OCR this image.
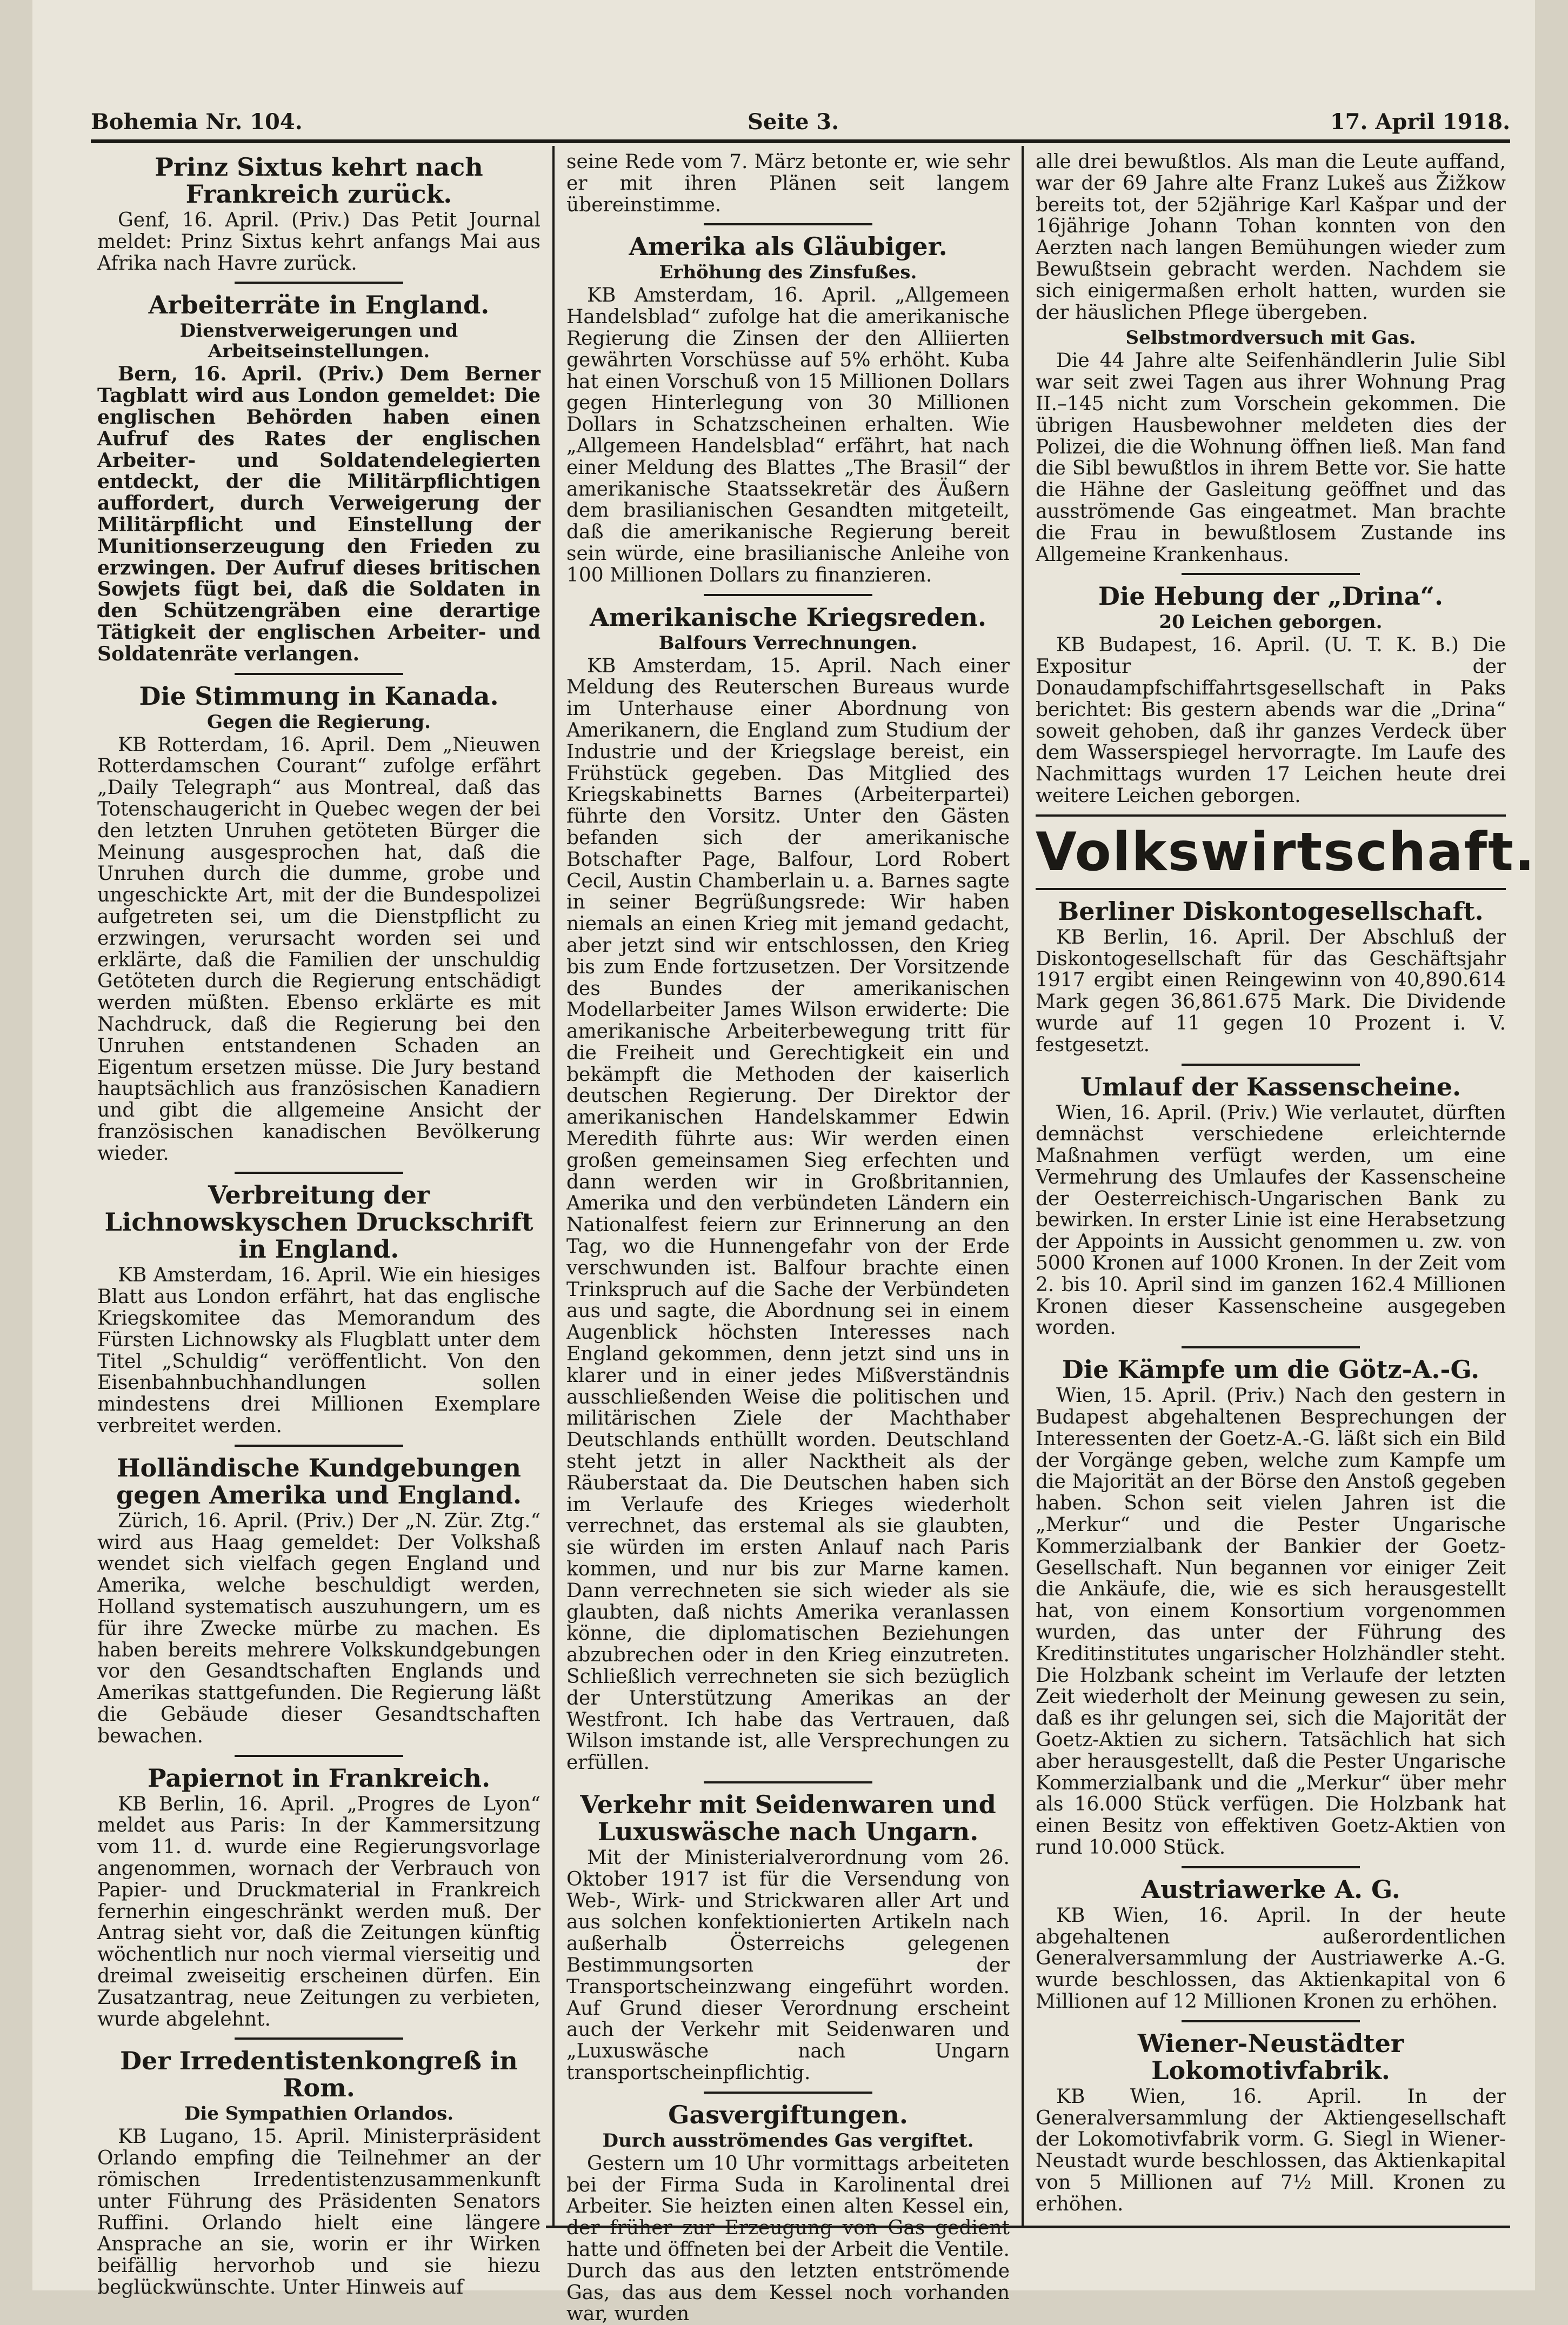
Bohemia Nr. 104.	Seite 3.	17. April 1918.
Prinz Sixtus kehrt nach Frankreich zurück.

Genf, 16. April. (Priv.) Das Petit Journal meldet: Prinz Sixtus kehrt anfangs Mai aus Afrika nach Havre zurück.

Arbeiterräte in England.
Dienstverweigerungen und Arbeitseinstellungen.

Bern, 16. April. (Priv.) Dem Berner Tagblatt wird aus London gemeldet: Die englischen Behörden haben einen Aufruf des Rates der englischen Arbeiter- und Soldatendelegierten entdeckt, der die Militärpflichtigen auffordert, durch Verweigerung der Militärpflicht und Einstellung der Munitionserzeugung den Frieden zu erzwingen. Der Aufruf dieses britischen Sowjets fügt bei, daß die Soldaten in den Schützengräben eine derartige Tätigkeit der englischen Arbeiter- und Soldatenräte verlangen.

Die Stimmung in Kanada.
Gegen die Regierung.

KB Rotterdam, 16. April. Dem „Nieuwen Rotterdamschen Courant“ zufolge erfährt „Daily Telegraph“ aus Montreal, daß das Totenschaugericht in Quebec wegen der bei den letzten Unruhen getöteten Bürger die Meinung ausgesprochen hat, daß die Unruhen durch die dumme, grobe und ungeschickte Art, mit der die Bundespolizei aufgetreten sei, um die Dienstpflicht zu erzwingen, verursacht worden sei und erklärte, daß die Familien der unschuldig Getöteten durch die Regierung entschädigt werden müßten. Ebenso erklärte es mit Nachdruck, daß die Regierung bei den Unruhen entstandenen Schaden an Eigentum ersetzen müsse. Die Jury bestand hauptsächlich aus französischen Kanadiern und gibt die allgemeine Ansicht der französischen kanadischen Bevölkerung wieder.

Verbreitung der Lichnowskyschen Druckschrift in England.

KB Amsterdam, 16. April. Wie ein hiesiges Blatt aus London erfährt, hat das englische Kriegskomitee das Memorandum des Fürsten Lichnowsky als Flugblatt unter dem Titel „Schuldig“ veröffentlicht. Von den Eisenbahnbuchhandlungen sollen mindestens drei Millionen Exemplare verbreitet werden.

Holländische Kundgebungen gegen Amerika und England.

Zürich, 16. April. (Priv.) Der „N. Zür. Ztg.“ wird aus Haag gemeldet: Der Volkshaß wendet sich vielfach gegen England und Amerika, welche beschuldigt werden, Holland systematisch auszuhungern, um es für ihre Zwecke mürbe zu machen. Es haben bereits mehrere Volkskundgebungen vor den Gesandtschaften Englands und Amerikas stattgefunden. Die Regierung läßt die Gebäude dieser Gesandtschaften bewachen.

Papiernot in Frankreich.

KB Berlin, 16. April. „Progres de Lyon“ meldet aus Paris: In der Kammersitzung vom 11. d. wurde eine Regierungsvorlage angenommen, wornach der Verbrauch von Papier- und Druckmaterial in Frankreich fernerhin eingeschränkt werden muß. Der Antrag sieht vor, daß die Zeitungen künftig wöchentlich nur noch viermal vierseitig und dreimal zweiseitig erscheinen dürfen. Ein Zusatzantrag, neue Zeitungen zu verbieten, wurde abgelehnt.

Der Irredentistenkongreß in Rom.
Die Sympathien Orlandos.

KB Lugano, 15. April. Ministerpräsident Orlando empfing die Teilnehmer an der römischen Irredentistenzusammenkunft unter Führung des Präsidenten Senators Ruffini. Orlando hielt eine längere Ansprache an sie, worin er ihr Wirken beifällig hervorhob und sie hiezu beglückwünschte. Unter Hinweis auf

seine Rede vom 7. März betonte er, wie sehr er mit ihren Plänen seit langem übereinstimme.

Amerika als Gläubiger.
Erhöhung des Zinsfußes.

KB Amsterdam, 16. April. „Allgemeen Handelsblad“ zufolge hat die amerikanische Regierung die Zinsen der den Alliierten gewährten Vorschüsse auf 5% erhöht. Kuba hat einen Vorschuß von 15 Millionen Dollars gegen Hinterlegung von 30 Millionen Dollars in Schatzscheinen erhalten. Wie „Allgemeen Handelsblad“ erfährt, hat nach einer Meldung des Blattes „The Brasil“ der amerikanische Staatssekretär des Äußern dem brasilianischen Gesandten mitgeteilt, daß die amerikanische Regierung bereit sein würde, eine brasilianische Anleihe von 100 Millionen Dollars zu finanzieren.

Amerikanische Kriegsreden.
Balfours Verrechnungen.

KB Amsterdam, 15. April. Nach einer Meldung des Reuterschen Bureaus wurde im Unterhause einer Abordnung von Amerikanern, die England zum Studium der Industrie und der Kriegslage bereist, ein Frühstück gegeben. Das Mitglied des Kriegskabinetts Barnes (Arbeiterpartei) führte den Vorsitz. Unter den Gästen befanden sich der amerikanische Botschafter Page, Balfour, Lord Robert Cecil, Austin Chamberlain u. a. Barnes sagte in seiner Begrüßungsrede: Wir haben niemals an einen Krieg mit jemand gedacht, aber jetzt sind wir entschlossen, den Krieg bis zum Ende fortzusetzen. Der Vorsitzende des Bundes der amerikanischen Modellarbeiter James Wilson erwiderte: Die amerikanische Arbeiterbewegung tritt für die Freiheit und Gerechtigkeit ein und bekämpft die Methoden der kaiserlich deutschen Regierung. Der Direktor der amerikanischen Handelskammer Edwin Meredith führte aus: Wir werden einen großen gemeinsamen Sieg erfechten und dann werden wir in Großbritannien, Amerika und den verbündeten Ländern ein Nationalfest feiern zur Erinnerung an den Tag, wo die Hunnengefahr von der Erde verschwunden ist. Balfour brachte einen Trinkspruch auf die Sache der Verbündeten aus und sagte, die Abordnung sei in einem Augenblick höchsten Interesses nach England gekommen, denn jetzt sind uns in klarer und in einer jedes Mißverständnis ausschließenden Weise die politischen und militärischen Ziele der Machthaber Deutschlands enthüllt worden. Deutschland steht jetzt in aller Nacktheit als der Räuberstaat da. Die Deutschen haben sich im Verlaufe des Krieges wiederholt verrechnet, das erstemal als sie glaubten, sie würden im ersten Anlauf nach Paris kommen, und nur bis zur Marne kamen. Dann verrechneten sie sich wieder als sie glaubten, daß nichts Amerika veranlassen könne, die diplomatischen Beziehungen abzubrechen oder in den Krieg einzutreten. Schließlich verrechneten sie sich bezüglich der Unterstützung Amerikas an der Westfront. Ich habe das Vertrauen, daß Wilson imstande ist, alle Versprechungen zu erfüllen.

Verkehr mit Seidenwaren und Luxuswäsche nach Ungarn.

Mit der Ministerialverordnung vom 26. Oktober 1917 ist für die Versendung von Web-, Wirk- und Strickwaren aller Art und aus solchen konfektionierten Artikeln nach außerhalb Österreichs gelegenen Bestimmungsorten der Transportscheinzwang eingeführt worden. Auf Grund dieser Verordnung erscheint auch der Verkehr mit Seidenwaren und „Luxuswäsche nach Ungarn transportscheinpflichtig.

Gasvergiftungen.
Durch ausströmendes Gas vergiftet.

Gestern um 10 Uhr vormittags arbeiteten bei der Firma Suda in Karolinental drei Arbeiter. Sie heizten einen alten Kessel ein, hatte und öffneten bei der Arbeit die Ventile. Durch das aus den letzten entströmende Gas, das aus dem Kessel noch vorhanden war, wurden

alle drei bewußtlos. Als man die Leute auffand, war der 69 Jahre alte Franz Lukeš aus Žižkow bereits tot, der 52jährige Karl Kašpar und der 16jährige Johann Tohan konnten von den Aerzten nach langen Bemühungen wieder zum Bewußtsein gebracht werden. Nachdem sie sich einigermaßen erholt hatten, wurden sie der häuslichen Pflege übergeben.

Selbstmordversuch mit Gas.

Die 44 Jahre alte Seifenhändlerin Julie Sibl war seit zwei Tagen aus ihrer Wohnung Prag II.–145 nicht zum Vorschein gekommen. Die übrigen Hausbewohner meldeten dies der Polizei, die die Wohnung öffnen ließ. Man fand die Sibl bewußtlos in ihrem Bette vor. Sie hatte die Hähne der Gasleitung geöffnet und das ausströmende Gas eingeatmet. Man brachte die Frau in bewußtlosem Zustande ins Allgemeine Krankenhaus.

Die Hebung der „Drina“.
20 Leichen geborgen.

KB Budapest, 16. April. (U. T. K. B.) Die Expositur der Donaudampfschiffahrtsgesellschaft in Paks berichtet: Bis gestern abends war die „Drina“ soweit gehoben, daß ihr ganzes Verdeck über dem Wasserspiegel hervorragte. Im Laufe des Nachmittags wurden 17 Leichen heute drei weitere Leichen geborgen.

Volkswirtschaft.
Berliner Diskontogesellschaft.

KB Berlin, 16. April. Der Abschluß der Diskontogesellschaft für das Geschäftsjahr 1917 ergibt einen Reingewinn von 40,890.614 Mark gegen 36,861.675 Mark. Die Dividende wurde auf 11 gegen 10 Prozent i. V. festgesetzt.

Umlauf der Kassenscheine.

Wien, 16. April. (Priv.) Wie verlautet, dürften demnächst verschiedene erleichternde Maßnahmen verfügt werden, um eine Vermehrung des Umlaufes der Kassenscheine der Oesterreichisch-Ungarischen Bank zu bewirken. In erster Linie ist eine Herabsetzung der Appoints in Aussicht genommen u. zw. von 5000 Kronen auf 1000 Kronen. In der Zeit vom 2. bis 10. April sind im ganzen 162.4 Millionen Kronen dieser Kassenscheine ausgegeben worden.

Die Kämpfe um die Götz-A.-G.

Wien, 15. April. (Priv.) Nach den gestern in Budapest abgehaltenen Besprechungen der Interessenten der Goetz-A.-G. läßt sich ein Bild der Vorgänge geben, welche zum Kampfe um die Majorität an der Börse den Anstoß gegeben haben. Schon seit vielen Jahren ist die „Merkur“ und die Pester Ungarische Kommerzialbank der Bankier der Goetz-Gesellschaft. Nun begannen vor einiger Zeit die Ankäufe, die, wie es sich herausgestellt hat, von einem Konsortium vorgenommen wurden, das unter der Führung des Kreditinstitutes ungarischer Holzhändler steht. Die Holzbank scheint im Verlaufe der letzten Zeit wiederholt der Meinung gewesen zu sein, daß es ihr gelungen sei, sich die Majorität der Goetz-Aktien zu sichern. Tatsächlich hat sich aber herausgestellt, daß die Pester Ungarische Kommerzialbank und die „Merkur“ über mehr als 16.000 Stück verfügen. Die Holzbank hat einen Besitz von effektiven Goetz-Aktien von rund 10.000 Stück.

Austriawerke A. G.

KB Wien, 16. April. In der heute abgehaltenen außerordentlichen Generalversammlung der Austriawerke A.-G. wurde beschlossen, das Aktienkapital von 6 Millionen auf 12 Millionen Kronen zu erhöhen.

Wiener-Neustädter Lokomotivfabrik.

KB Wien, 16. April. In der Generalversammlung der Aktiengesellschaft der Lokomotivfabrik vorm. G. Siegl in Wiener-Neustadt wurde beschlossen, das Aktienkapital von 5 Millionen auf 7½ Mill. Kronen zu erhöhen.
